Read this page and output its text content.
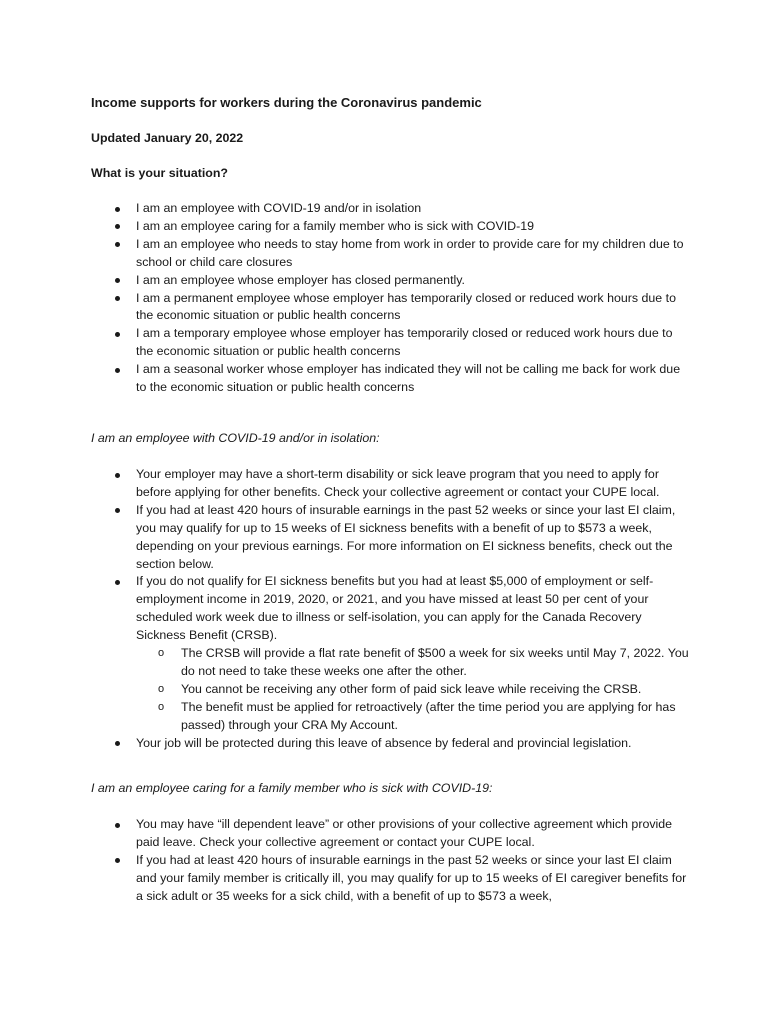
Income supports for workers during the Coronavirus pandemic

Updated January 20, 2022

What is your situation?

I am an employee with COVID-19 and/or in isolation
I am an employee caring for a family member who is sick with COVID-19
I am an employee who needs to stay home from work in order to provide care for my children due to school or child care closures
I am an employee whose employer has closed permanently.
I am a permanent employee whose employer has temporarily closed or reduced work hours due to the economic situation or public health concerns
I am a temporary employee whose employer has temporarily closed or reduced work hours due to the economic situation or public health concerns
I am a seasonal worker whose employer has indicated they will not be calling me back for work due to the economic situation or public health concerns

I am an employee with COVID-19 and/or in isolation:

Your employer may have a short-term disability or sick leave program that you need to apply for before applying for other benefits. Check your collective agreement or contact your CUPE local.
If you had at least 420 hours of insurable earnings in the past 52 weeks or since your last EI claim, you may qualify for up to 15 weeks of EI sickness benefits with a benefit of up to $573 a week, depending on your previous earnings. For more information on EI sickness benefits, check out the section below.
If you do not qualify for EI sickness benefits but you had at least $5,000 of employment or self-employment income in 2019, 2020, or 2021, and you have missed at least 50 per cent of your scheduled work week due to illness or self-isolation, you can apply for the Canada Recovery Sickness Benefit (CRSB).
o The CRSB will provide a flat rate benefit of $500 a week for six weeks until May 7, 2022. You do not need to take these weeks one after the other.
o You cannot be receiving any other form of paid sick leave while receiving the CRSB.
o The benefit must be applied for retroactively (after the time period you are applying for has passed) through your CRA My Account.
Your job will be protected during this leave of absence by federal and provincial legislation.

I am an employee caring for a family member who is sick with COVID-19:

You may have “ill dependent leave” or other provisions of your collective agreement which provide paid leave. Check your collective agreement or contact your CUPE local.
If you had at least 420 hours of insurable earnings in the past 52 weeks or since your last EI claim and your family member is critically ill, you may qualify for up to 15 weeks of EI caregiver benefits for a sick adult or 35 weeks for a sick child, with a benefit of up to $573 a week,
